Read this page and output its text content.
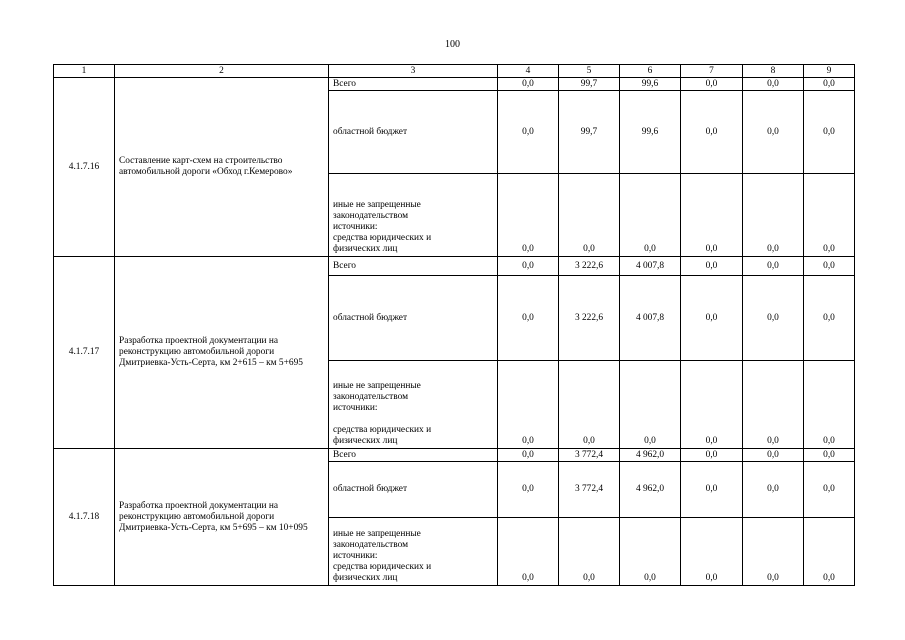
100
1	2	3	4	5	6	7	8	9
4.1.7.16	Составление карт-схем на строительство автомобильной дороги «Обход г.Кемерово»	Всего	0,0	99,7	99,6	0,0	0,0	0,0
		областной бюджет	0,0	99,7	99,6	0,0	0,0	0,0

		иные не запрещенные
законодательством
источники:
средства юридических и
физических лиц	0,0	0,0	0,0	0,0	0,0	0,0
4.1.7.17	Разработка проектной документации на реконструкцию автомобильной дороги Дмитриевка-Усть-Серта, км 2+615 – км 5+695	Всего	0,0	3 222,6	4 007,8	0,0	0,0	0,0
		областной бюджет	0,0	3 222,6	4 007,8	0,0	0,0	0,0

		иные не запрещенные
законодательством
источники:
средства юридических и
физических лиц	0,0	0,0	0,0	0,0	0,0	0,0
4.1.7.18	Разработка проектной документации на реконструкцию автомобильной дороги Дмитриевка-Усть-Серта, км 5+695 – км 10+095	Всего	0,0	3 772,4	4 962,0	0,0	0,0	0,0
		областной бюджет	0,0	3 772,4	4 962,0	0,0	0,0	0,0

		иные не запрещенные
законодательством
источники:
средства юридических и
физических лиц	0,0	0,0	0,0	0,0	0,0	0,0
